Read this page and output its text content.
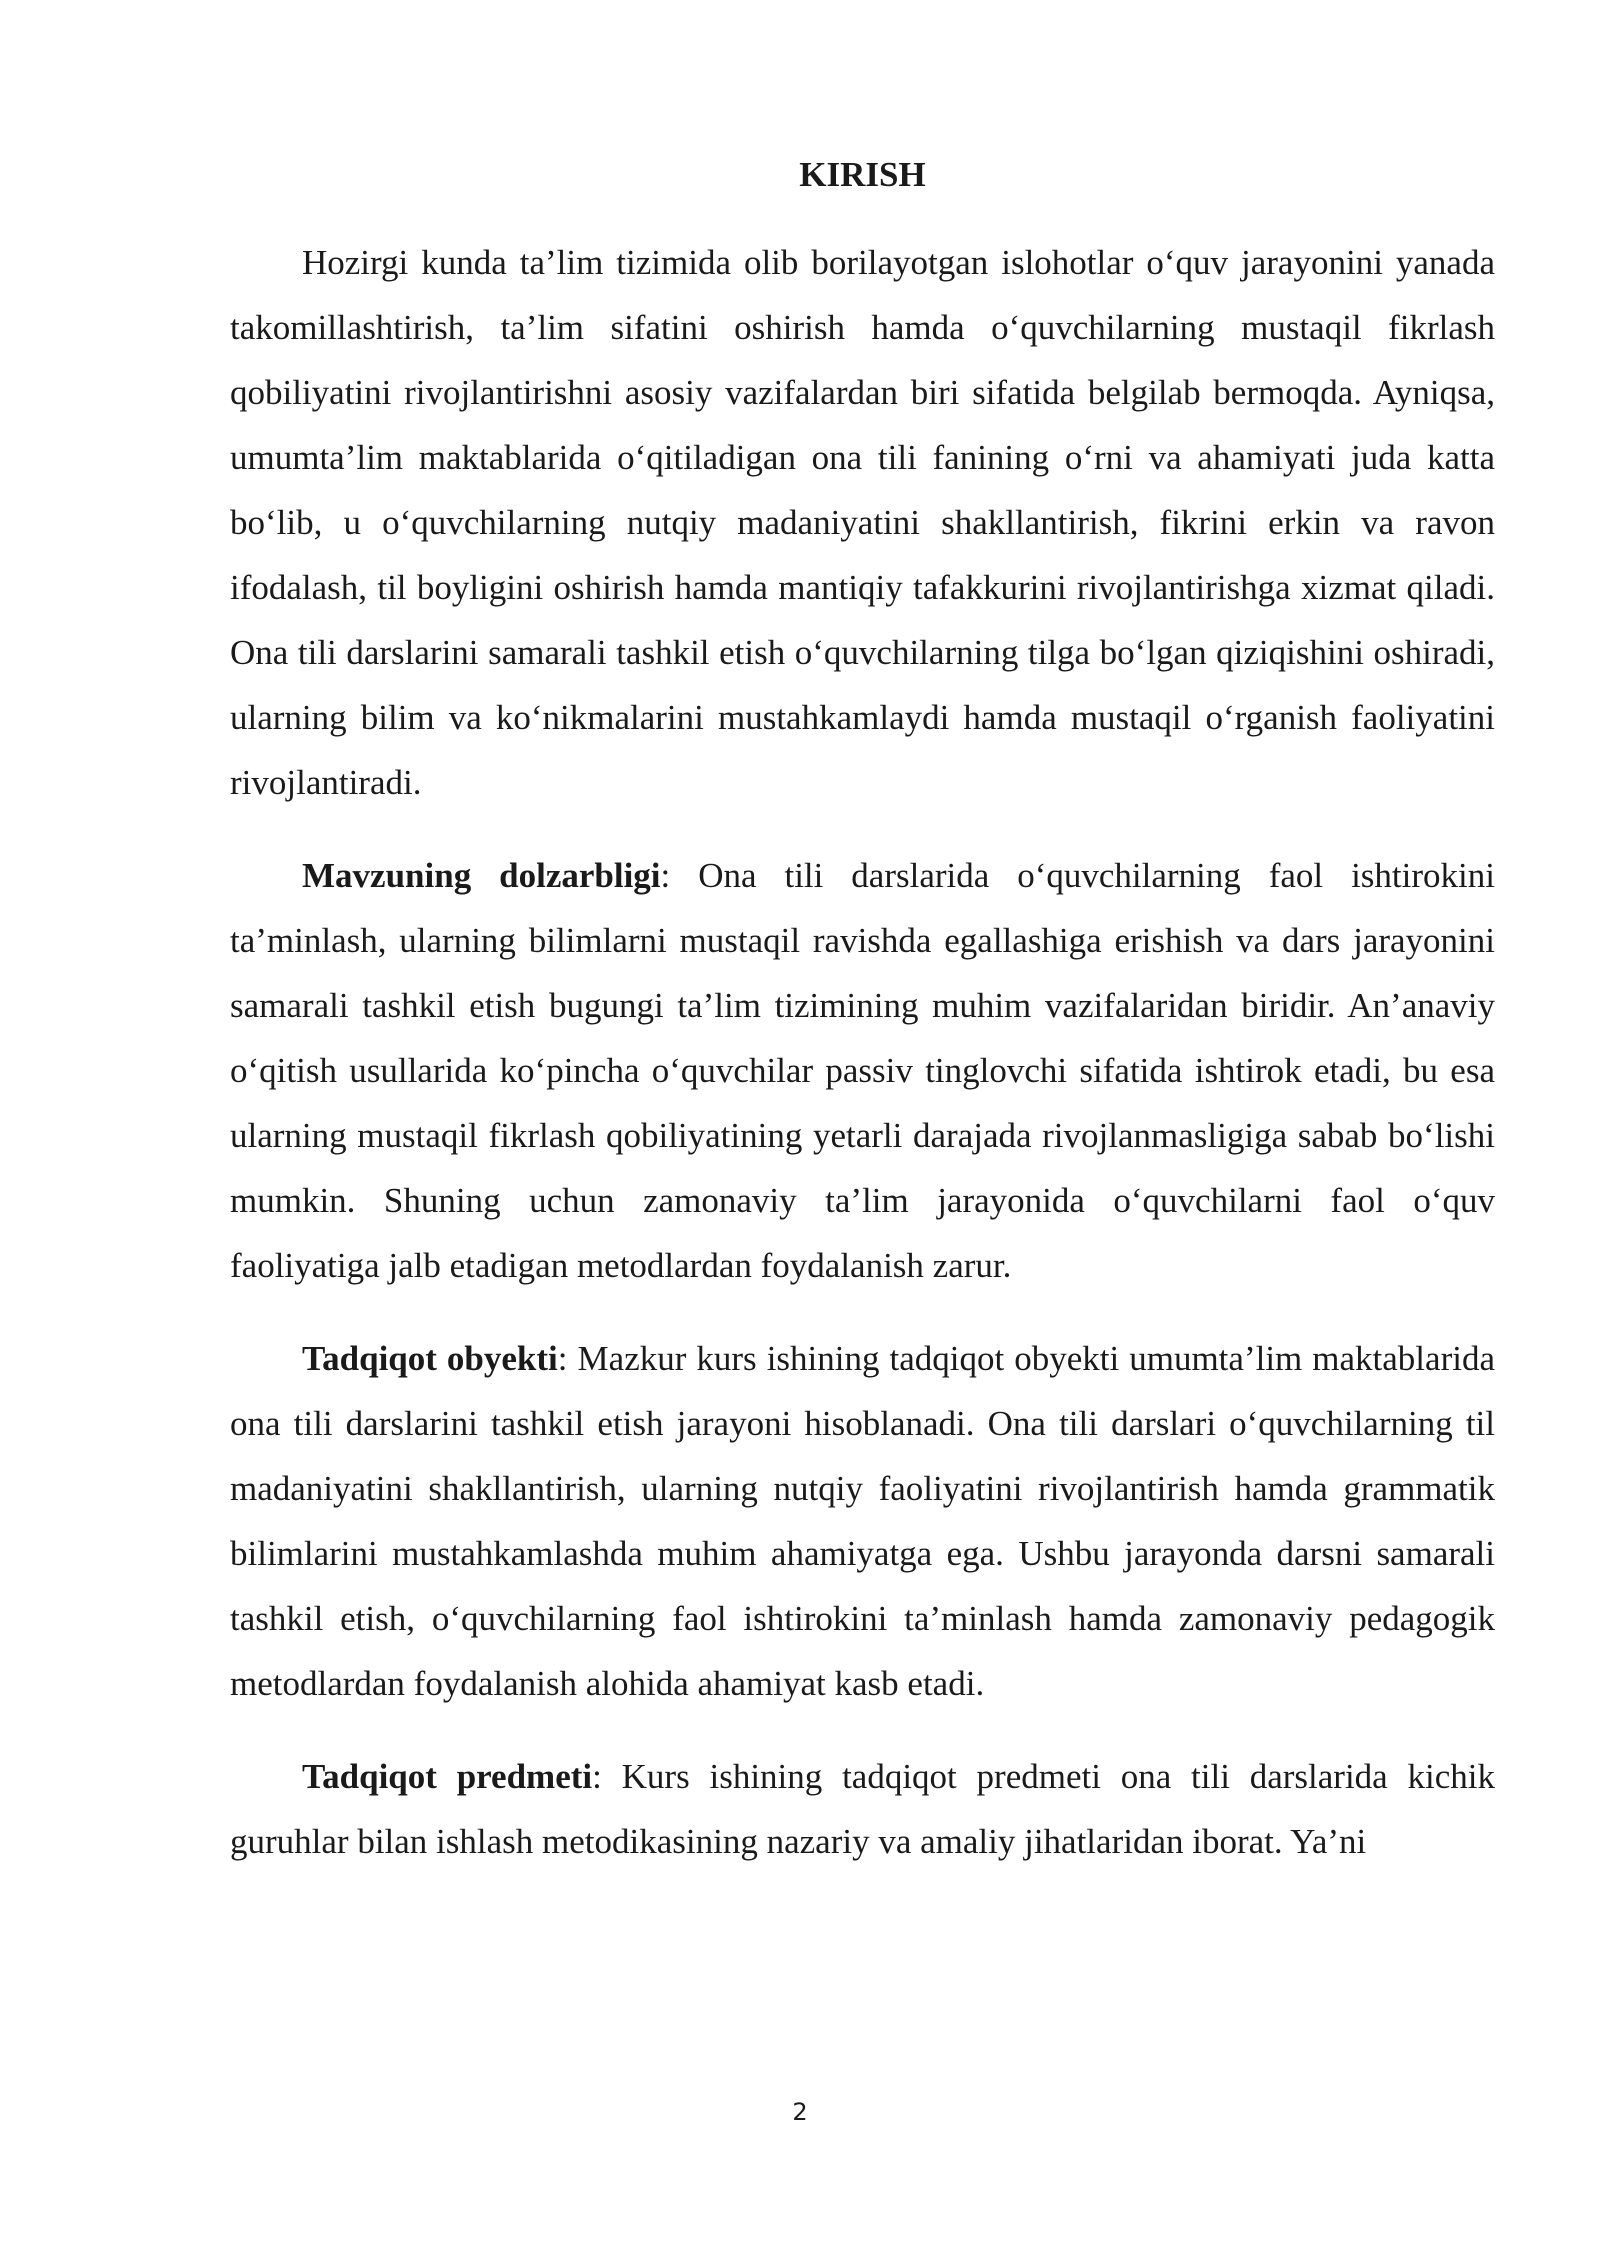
KIRISH

Hozirgi kunda ta’lim tizimida olib borilayotgan islohotlar o‘quv jarayonini yanada takomillashtirish, ta’lim sifatini oshirish hamda o‘quvchilarning mustaqil fikrlash qobiliyatini rivojlantirishni asosiy vazifalardan biri sifatida belgilab bermoqda. Ayniqsa, umumta’lim maktablarida o‘qitiladigan ona tili fanining o‘rni va ahamiyati juda katta bo‘lib, u o‘quvchilarning nutqiy madaniyatini shakllantirish, fikrini erkin va ravon ifodalash, til boyligini oshirish hamda mantiqiy tafakkurini rivojlantirishga xizmat qiladi. Ona tili darslarini samarali tashkil etish o‘quvchilarning tilga bo‘lgan qiziqishini oshiradi, ularning bilim va ko‘nikmalarini mustahkamlaydi hamda mustaqil o‘rganish faoliyatini rivojlantiradi.

Mavzuning dolzarbligi: Ona tili darslarida o‘quvchilarning faol ishtirokini ta’minlash, ularning bilimlarni mustaqil ravishda egallashiga erishish va dars jarayonini samarali tashkil etish bugungi ta’lim tizimining muhim vazifalaridan biridir. An’anaviy o‘qitish usullarida ko‘pincha o‘quvchilar passiv tinglovchi sifatida ishtirok etadi, bu esa ularning mustaqil fikrlash qobiliyatining yetarli darajada rivojlanmasligiga sabab bo‘lishi mumkin. Shuning uchun zamonaviy ta’lim jarayonida o‘quvchilarni faol o‘quv faoliyatiga jalb etadigan metodlardan foydalanish zarur.

Tadqiqot obyekti: Mazkur kurs ishining tadqiqot obyekti umumta’lim maktablarida ona tili darslarini tashkil etish jarayoni hisoblanadi. Ona tili darslari o‘quvchilarning til madaniyatini shakllantirish, ularning nutqiy faoliyatini rivojlantirish hamda grammatik bilimlarini mustahkamlashda muhim ahamiyatga ega. Ushbu jarayonda darsni samarali tashkil etish, o‘quvchilarning faol ishtirokini ta’minlash hamda zamonaviy pedagogik metodlardan foydalanish alohida ahamiyat kasb etadi.

Tadqiqot predmeti: Kurs ishining tadqiqot predmeti ona tili darslarida kichik guruhlar bilan ishlash metodikasining nazariy va amaliy jihatlaridan iborat. Ya’ni

2
